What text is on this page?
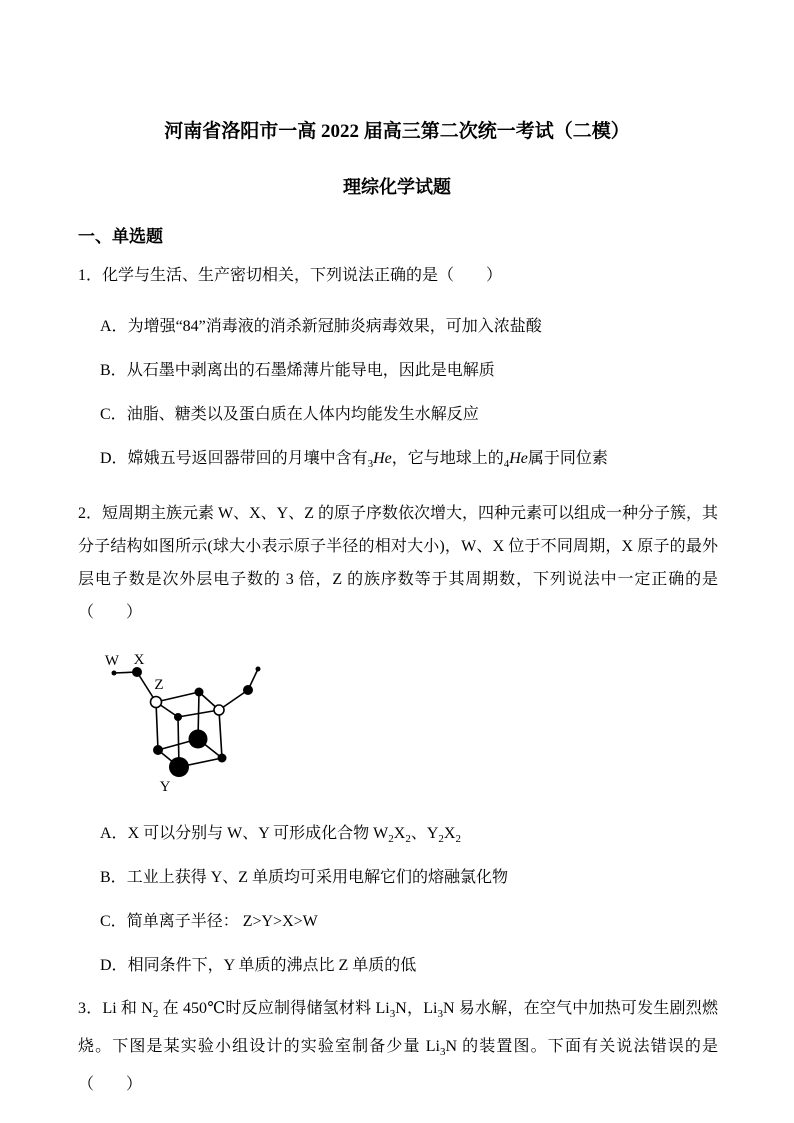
河南省洛阳市一高 2022 届高三第二次统一考试（二模）
理综化学试题
一、单选题

1．化学与生活、生产密切相关，下列说法正确的是（　　）

A．为增强“84”消毒液的消杀新冠肺炎病毒效果，可加入浓盐酸
B．从石墨中剥离出的石墨烯薄片能导电，因此是电解质
C．油脂、糖类以及蛋白质在人体内均能发生水解反应
D．嫦娥五号返回器带回的月壤中含有$_3$He，它与地球上的$_4$He属于同位素

2．短周期主族元素 W、X、Y、Z 的原子序数依次增大，四种元素可以组成一种分子簇，其分子结构如图所示(球大小表示原子半径的相对大小)，W、X 位于不同周期，X 原子的最外层电子数是次外层电子数的 3 倍，Z 的族序数等于其周期数，下列说法中一定正确的是（　　）

W X
Z
Y
A．X 可以分别与 W、Y 可形成化合物 $W_2X_2$、$Y_2X_2$
B．工业上获得 Y、Z 单质均可采用电解它们的熔融氯化物
C．简单离子半径： Z>Y>X>W
D．相同条件下，Y 单质的沸点比 Z 单质的低

3．Li 和 $N_2$ 在 450℃时反应制得储氢材料 $Li_3N$，$Li_3N$ 易水解，在空气中加热可发生剧烈燃烧。下图是某实验小组设计的实验室制备少量 $Li_3N$ 的装置图。下面有关说法错误的是（　　）
